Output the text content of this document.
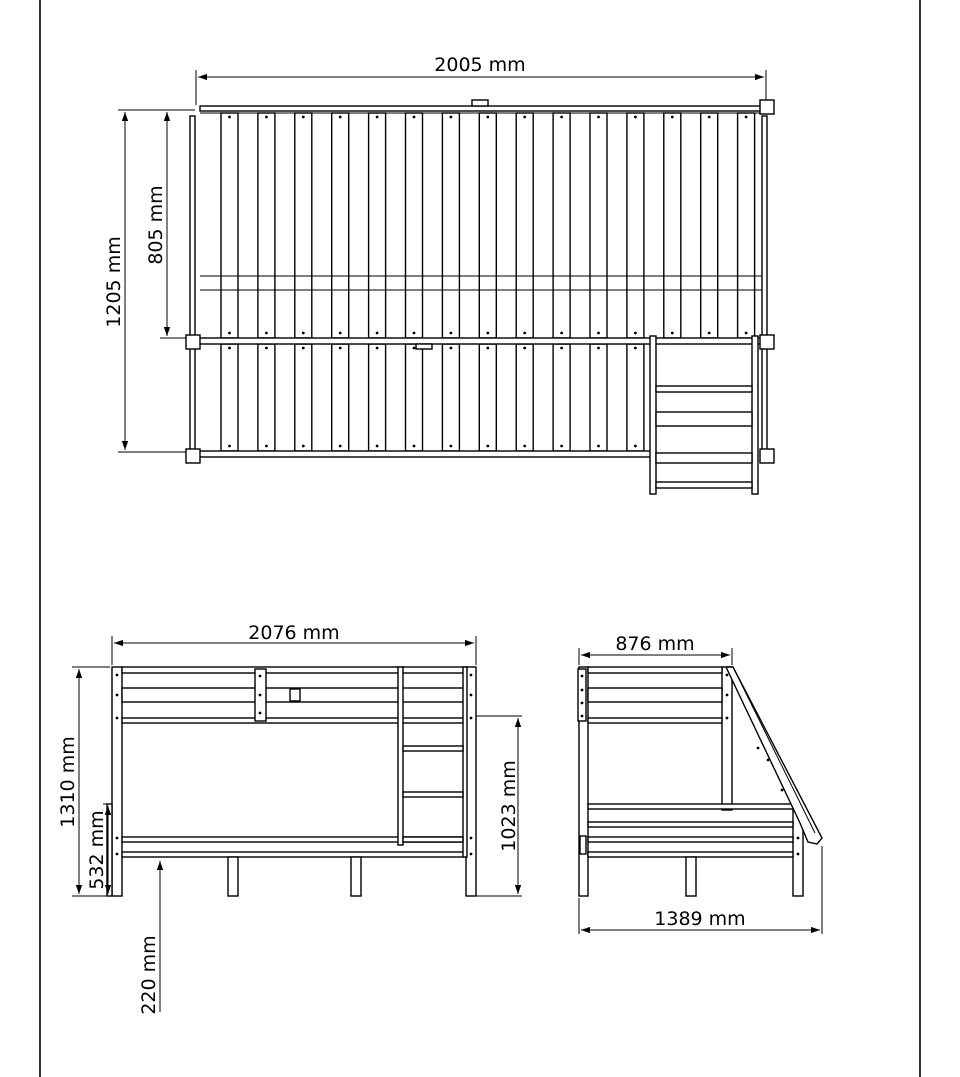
2005 mm
1205 mm
805 mm
2076 mm
1310 mm
532 mm
220 mm
1023 mm
876 mm
1389 mm
